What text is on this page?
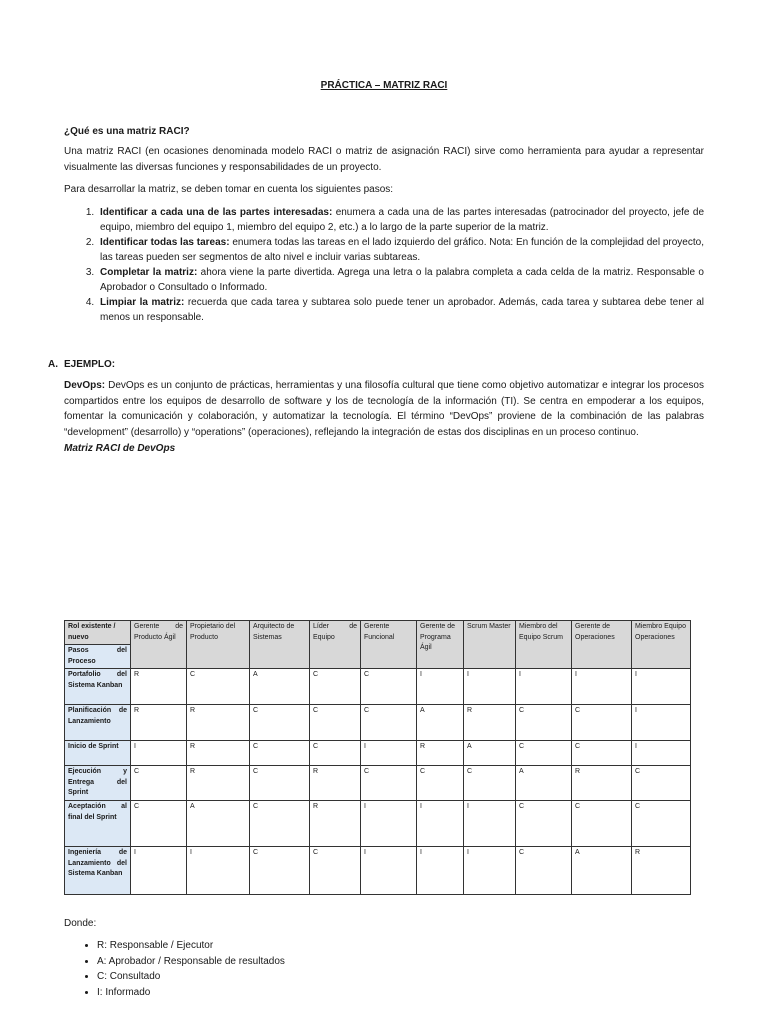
PRÁCTICA – MATRIZ RACI
¿Qué es una matriz RACI?
Una matriz RACI (en ocasiones denominada modelo RACI o matriz de asignación RACI) sirve como herramienta para ayudar a representar visualmente las diversas funciones y responsabilidades de un proyecto.
Para desarrollar la matriz, se deben tomar en cuenta los siguientes pasos:
1. Identificar a cada una de las partes interesadas: enumera a cada una de las partes interesadas (patrocinador del proyecto, jefe de equipo, miembro del equipo 1, miembro del equipo 2, etc.) a lo largo de la parte superior de la matriz.
2. Identificar todas las tareas: enumera todas las tareas en el lado izquierdo del gráfico. Nota: En función de la complejidad del proyecto, las tareas pueden ser segmentos de alto nivel e incluir varias subtareas.
3. Completar la matriz: ahora viene la parte divertida. Agrega una letra o la palabra completa a cada celda de la matriz. Responsable o Aprobador o Consultado o Informado.
4. Limpiar la matriz: recuerda que cada tarea y subtarea solo puede tener un aprobador. Además, cada tarea y subtarea debe tener al menos un responsable.
A. EJEMPLO:
DevOps: DevOps es un conjunto de prácticas, herramientas y una filosofía cultural que tiene como objetivo automatizar e integrar los procesos compartidos entre los equipos de desarrollo de software y los de tecnología de la información (TI). Se centra en empoderar a los equipos, fomentar la comunicación y colaboración, y automatizar la tecnología. El término “DevOps” proviene de la combinación de las palabras “development” (desarrollo) y “operations” (operaciones), reflejando la integración de estas dos disciplinas en un proceso continuo.
Matriz RACI de DevOps
Rol existente / nuevo	Gerente de Producto Ágil	Propietario del Producto	Arquitecto de Sistemas	Líder de Equipo	Gerente Funcional	Gerente de Programa Ágil	Scrum Master	Miembro del Equipo Scrum	Gerente de Operaciones	Miembro Equipo Operaciones
Pasos del Proceso										
Portafolio del Sistema Kanban	R	C	A	C	C	I	I	I	I	I
Planificación de Lanzamiento	R	R	C	C	C	A	R	C	C	I
Inicio de Sprint	I	R	C	C	I	R	A	C	C	I
Ejecución y Entrega del Sprint	C	R	C	R	C	C	C	A	R	C
Aceptación al final del Sprint	C	A	C	R	I	I	I	C	C	C
Ingeniería de Lanzamiento del Sistema Kanban	I	I	C	C	I	I	I	C	A	R
Donde:
• R: Responsable / Ejecutor
• A: Aprobador / Responsable de resultados
• C: Consultado
• I: Informado
